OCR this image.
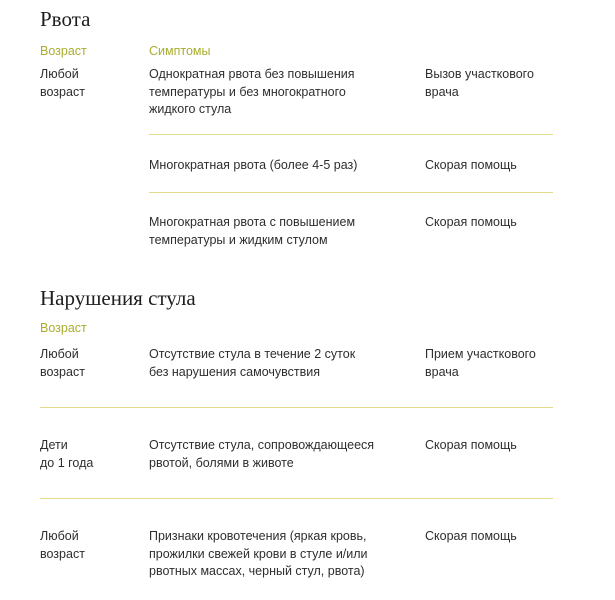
Рвота
Возраст	Симптомы
Любой
возраст
Однократная рвота без повышения
температуры и без многократного
жидкого стула
Вызов участкового
врача
Многократная рвота (более 4-5 раз)	Скорая помощь
Многократная рвота с повышением
температуры и жидким стулом
Скорая помощь
Нарушения стула
Возраст
Любой
возраст
Отсутствие стула в течение 2 суток
без нарушения самочувствия
Прием участкового
врача
Дети
до 1 года
Отсутствие стула, сопровождающееся
рвотой, болями в животе
Скорая помощь
Любой
возраст
Признаки кровотечения (яркая кровь,
прожилки свежей крови в стуле и/или
рвотных массах, черный стул, рвота)
Скорая помощь
